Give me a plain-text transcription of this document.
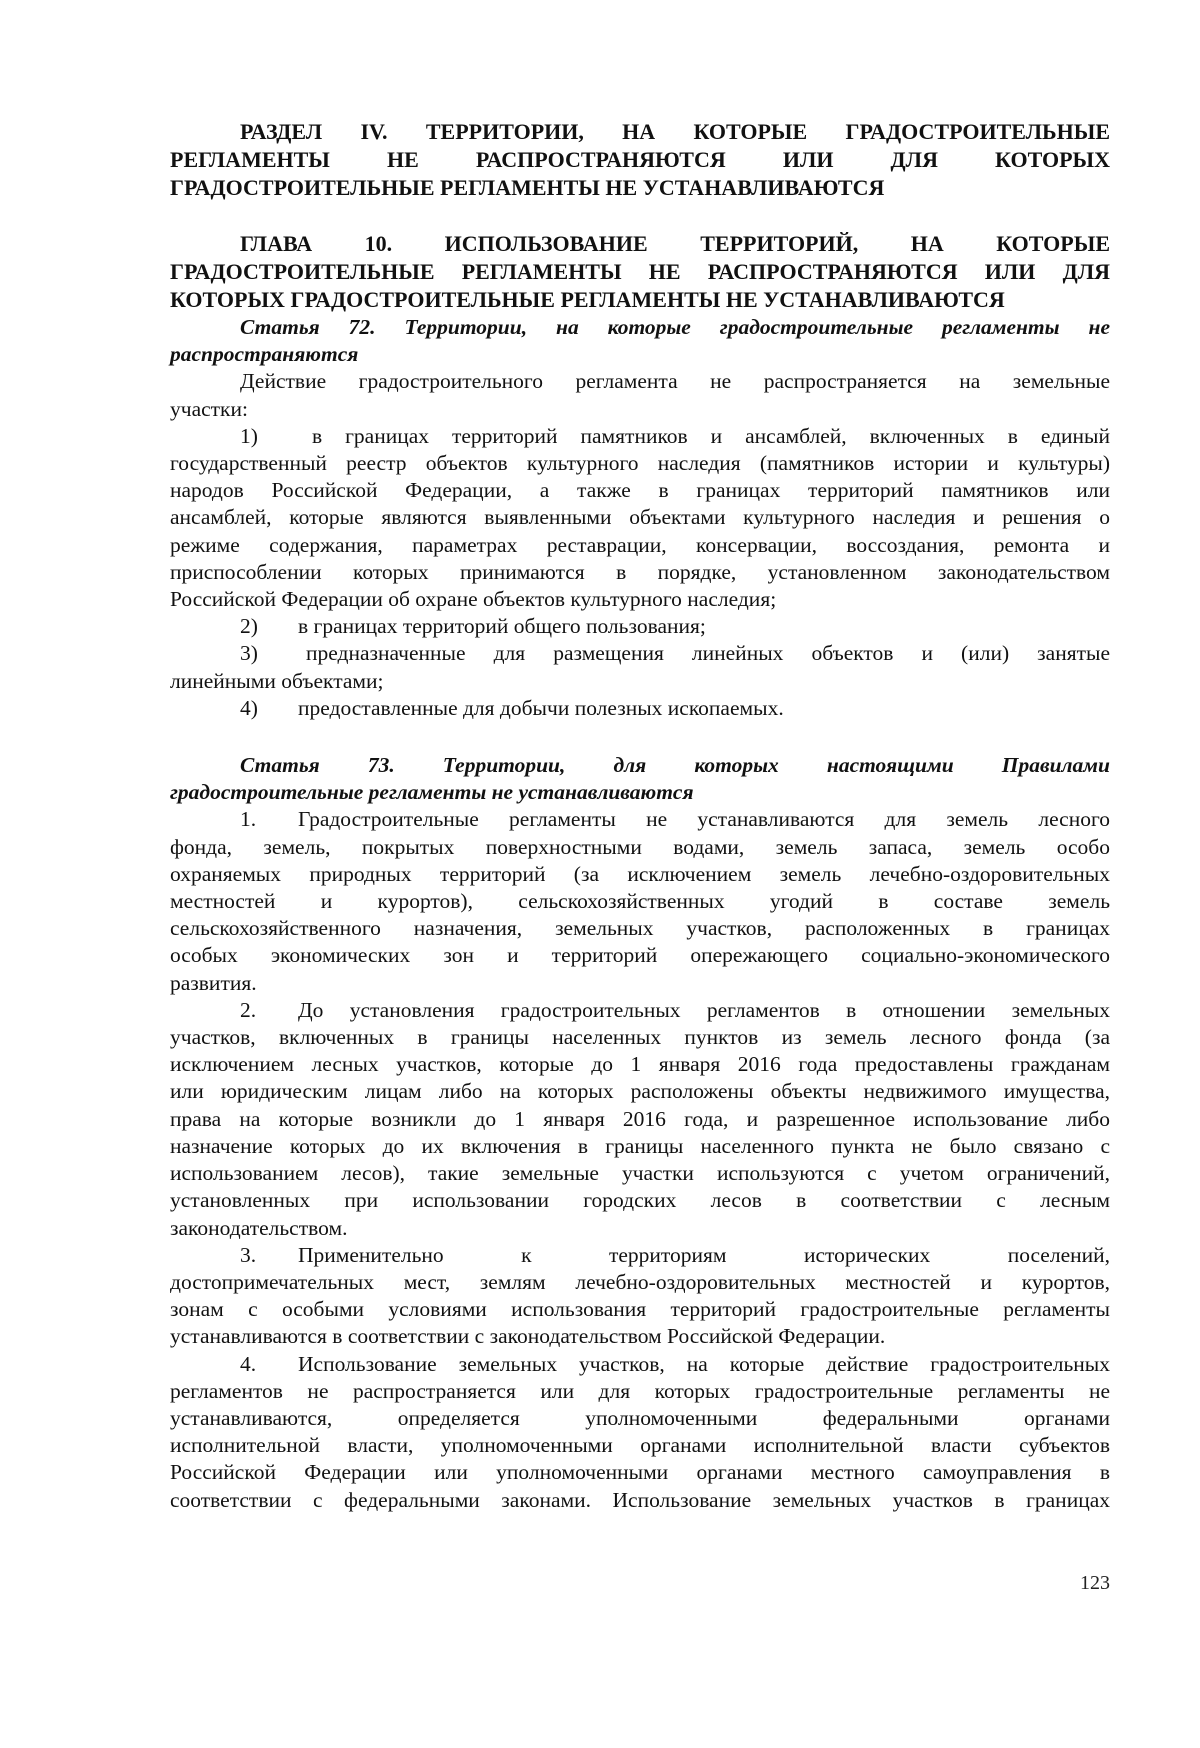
РАЗДЕЛ IV. ТЕРРИТОРИИ, НА КОТОРЫЕ ГРАДОСТРОИТЕЛЬНЫЕ
РЕГЛАМЕНТЫ НЕ РАСПРОСТРАНЯЮТСЯ ИЛИ ДЛЯ КОТОРЫХ
ГРАДОСТРОИТЕЛЬНЫЕ РЕГЛАМЕНТЫ НЕ УСТАНАВЛИВАЮТСЯ
ГЛАВА 10. ИСПОЛЬЗОВАНИЕ ТЕРРИТОРИЙ, НА КОТОРЫЕ
ГРАДОСТРОИТЕЛЬНЫЕ РЕГЛАМЕНТЫ НЕ РАСПРОСТРАНЯЮТСЯ ИЛИ ДЛЯ
КОТОРЫХ ГРАДОСТРОИТЕЛЬНЫЕ РЕГЛАМЕНТЫ НЕ УСТАНАВЛИВАЮТСЯ
Статья 72. Территории, на которые градостроительные регламенты не
распространяются
Действие градостроительного регламента не распространяется на земельные
участки:
1)	в границах территорий памятников и ансамблей, включенных в единый
государственный реестр объектов культурного наследия (памятников истории и культуры)
народов Российской Федерации, а также в границах территорий памятников или
ансамблей, которые являются выявленными объектами культурного наследия и решения о
режиме содержания, параметрах реставрации, консервации, воссоздания, ремонта и
приспособлении которых принимаются в порядке, установленном законодательством
Российской Федерации об охране объектов культурного наследия;
2) в границах территорий общего пользования;
3) предназначенные для размещения линейных объектов и (или) занятые
линейными объектами;
4) предоставленные для добычи полезных ископаемых.
Статья 73. Территории, для которых настоящими Правилами
градостроительные регламенты не устанавливаются
1. Градостроительные регламенты не устанавливаются для земель лесного
фонда, земель, покрытых поверхностными водами, земель запаса, земель особо
охраняемых природных территорий (за исключением земель лечебно-оздоровительных
местностей и курортов), сельскохозяйственных угодий в составе земель
сельскохозяйственного назначения, земельных участков, расположенных в границах
особых экономических зон и территорий опережающего социально-экономического
развития.
2. До установления градостроительных регламентов в отношении земельных
участков, включенных в границы населенных пунктов из земель лесного фонда (за
исключением лесных участков, которые до 1 января 2016 года предоставлены гражданам
или юридическим лицам либо на которых расположены объекты недвижимого имущества,
права на которые возникли до 1 января 2016 года, и разрешенное использование либо
назначение которых до их включения в границы населенного пункта не было связано с
использованием лесов), такие земельные участки используются с учетом ограничений,
установленных при использовании городских лесов в соответствии с лесным
законодательством.
3. Применительно к территориям исторических поселений,
достопримечательных мест, землям лечебно-оздоровительных местностей и курортов,
зонам с особыми условиями использования территорий градостроительные регламенты
устанавливаются в соответствии с законодательством Российской Федерации.
4. Использование земельных участков, на которые действие градостроительных
регламентов не распространяется или для которых градостроительные регламенты не
устанавливаются, определяется уполномоченными федеральными органами
исполнительной власти, уполномоченными органами исполнительной власти субъектов
Российской Федерации или уполномоченными органами местного самоуправления в
соответствии с федеральными законами. Использование земельных участков в границах
123
